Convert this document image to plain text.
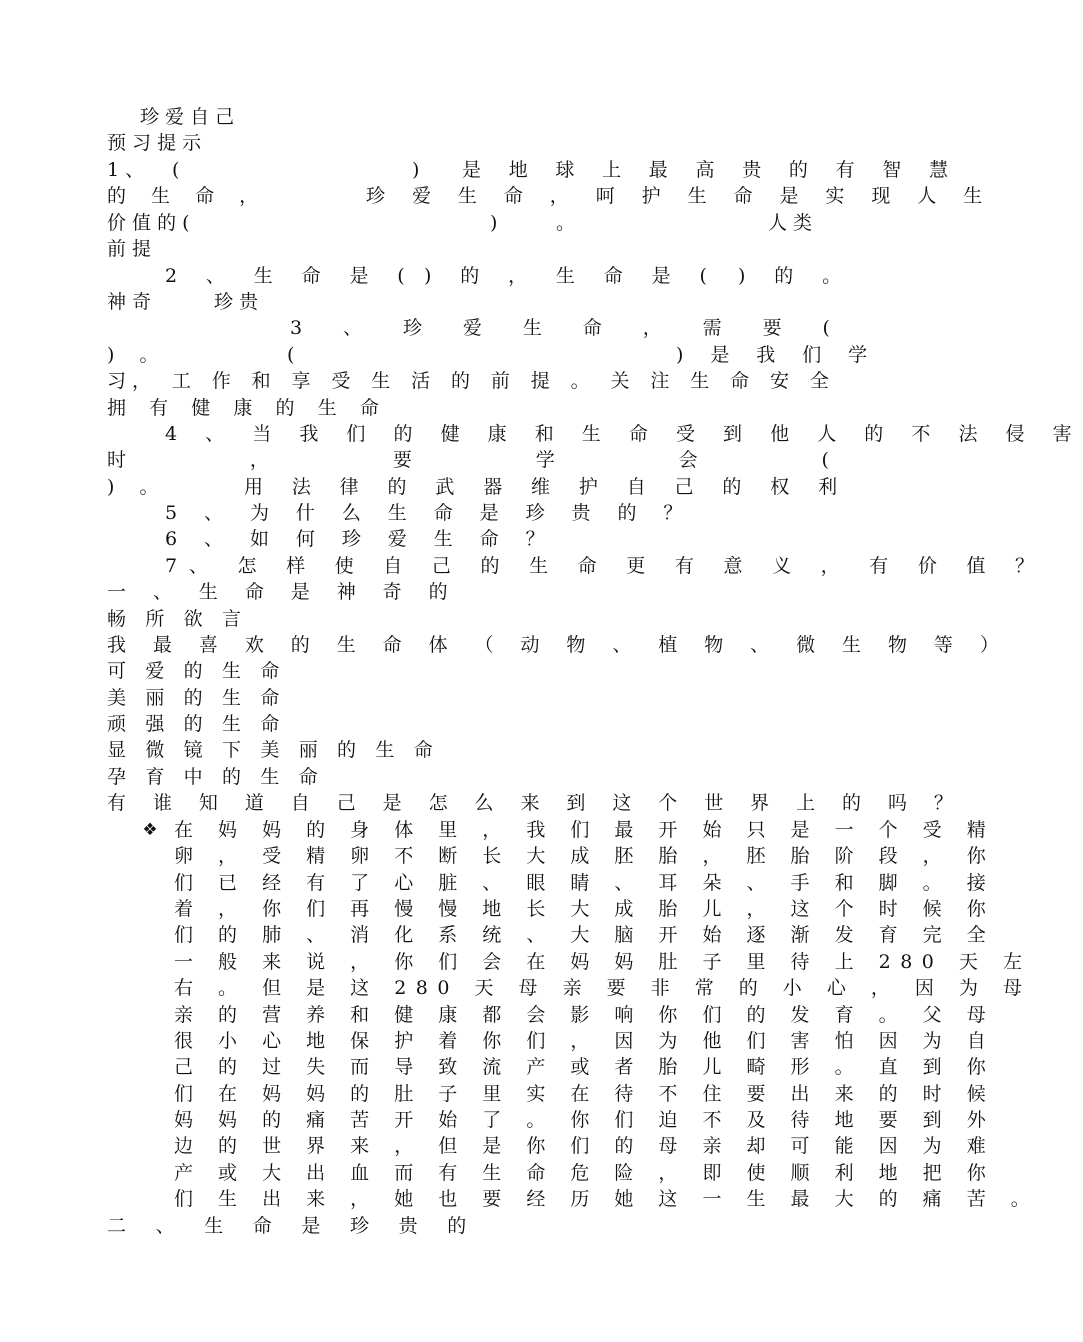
珍 爱 自 己
预 习 提 示
1 、 (	) 是 地 球 上 最 高 贵 的 有 智 慧
的 生 命 ，	珍 爱 生 命 ， 呵 护 生 命 是 实 现 人 生
价 值 的 (	)	。	人 类
前 提
2 、 生 命 是 ( ) 的 ， 生 命 是 ( ) 的 。
神 奇	珍 贵
3 、 珍 爱 生 命 ， 需 要 (
) 。	(	) 是 我 们 学
习 ， 工 作 和 享 受 生 活 的 前 提 。 关 注 生 命 安 全
拥 有 健 康 的 生 命
4 、 当 我 们 的 健 康 和 生 命 受 到 他 人 的 不 法 侵 害
时	，	要	学	会	(
) 。	用 法 律 的 武 器 维 护 自 己 的 权 利
5 、 为 什 么 生 命 是 珍 贵 的 ？
6 、 如 何 珍 爱 生 命 ？
7、 怎 样 使 自 己 的 生 命 更 有 意 义 ， 有 价 值 ？
一 、 生 命 是 神 奇 的
畅 所 欲 言
我 最 喜 欢 的 生 命 体 （ 动 物 、 植 物 、 微 生 物 等 ）
可 爱 的 生 命
美 丽 的 生 命
顽 强 的 生 命
显 微 镜 下 美 丽 的 生 命
孕 育 中 的 生 命
有 谁 知 道 自 己 是 怎 么 来 到 这 个 世 界 上 的 吗 ？
❖ 在 妈 妈 的 身 体 里 ， 我 们 最 开 始 只 是 一 个 受 精
卵 ， 受 精 卵 不 断 长 大 成 胚 胎 ， 胚 胎 阶 段 ， 你
们 已 经 有 了 心 脏 、 眼 睛 、 耳 朵 、 手 和 脚 。 接
着 ， 你 们 再 慢 慢 地 长 大 成 胎 儿 ， 这 个 时 候 你
们 的 肺 、 消 化 系 统 、 大 脑 开 始 逐 渐 发 育 完 全
一 般 来 说 ， 你 们 会 在 妈 妈 肚 子 里 待 上 280 天 左
右 。 但 是 这 280 天 母 亲 要 非 常 的 小 心 ， 因 为 母
亲 的 营 养 和 健 康 都 会 影 响 你 们 的 发 育 。 父 母
很 小 心 地 保 护 着 你 们 ， 因 为 他 们 害 怕 因 为 自
己 的 过 失 而 导 致 流 产 或 者 胎 儿 畸 形 。 直 到 你
们 在 妈 妈 的 肚 子 里 实 在 待 不 住 要 出 来 的 时 候
妈 妈 的 痛 苦 开 始 了 。 你 们 迫 不 及 待 地 要 到 外
边 的 世 界 来 ， 但 是 你 们 的 母 亲 却 可 能 因 为 难
产 或 大 出 血 而 有 生 命 危 险 ， 即 使 顺 利 地 把 你
们 生 出 来 ， 她 也 要 经 历 她 这 一 生 最 大 的 痛 苦 。
二 、 生 命 是 珍 贵 的
